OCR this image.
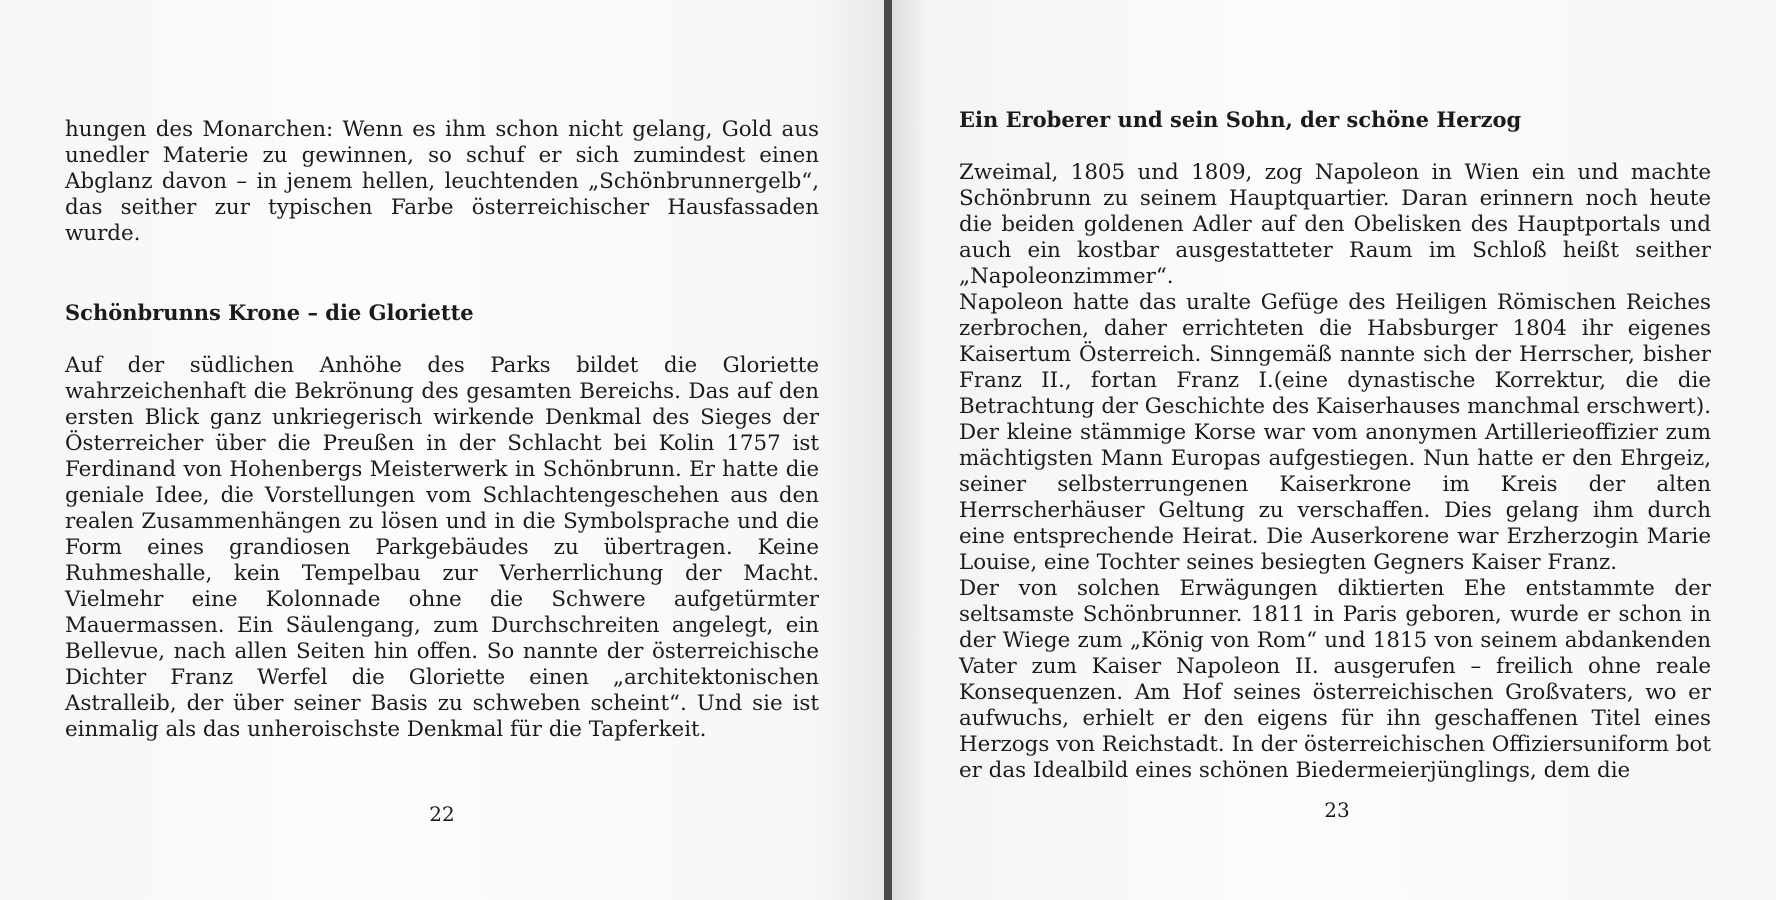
hungen des Monarchen: Wenn es ihm schon nicht gelang, Gold aus unedler Materie zu gewinnen, so schuf er sich zumindest einen Abglanz davon – in jenem hellen, leuchtenden „Schönbrunnergelb“, das seither zur typischen Farbe österreichischer Hausfassaden wurde.

Schönbrunns Krone – die Gloriette

Auf der südlichen Anhöhe des Parks bildet die Gloriette wahrzeichenhaft die Bekrönung des gesamten Bereichs. Das auf den ersten Blick ganz unkriegerisch wirkende Denkmal des Sieges der Österreicher über die Preußen in der Schlacht bei Kolin 1757 ist Ferdinand von Hohenbergs Meisterwerk in Schönbrunn. Er hatte die geniale Idee, die Vorstellungen vom Schlachtengeschehen aus den realen Zusammenhängen zu lösen und in die Symbolsprache und die Form eines grandiosen Parkgebäudes zu übertragen. Keine Ruhmeshalle, kein Tempelbau zur Verherrlichung der Macht. Vielmehr eine Kolonnade ohne die Schwere aufgetürmter Mauermassen. Ein Säulengang, zum Durchschreiten angelegt, ein Bellevue, nach allen Seiten hin offen. So nannte der österreichische Dichter Franz Werfel die Gloriette einen „architektonischen Astralleib, der über seiner Basis zu schweben scheint“. Und sie ist einmalig als das unheroischste Denkmal für die Tapferkeit.

22
Ein Eroberer und sein Sohn, der schöne Herzog

Zweimal, 1805 und 1809, zog Napoleon in Wien ein und machte Schönbrunn zu seinem Hauptquartier. Daran erinnern noch heute die beiden goldenen Adler auf den Obelisken des Hauptportals und auch ein kostbar ausgestatteter Raum im Schloß heißt seither „Napoleonzimmer“.

Napoleon hatte das uralte Gefüge des Heiligen Römischen Reiches zerbrochen, daher errichteten die Habsburger 1804 ihr eigenes Kaisertum Österreich. Sinngemäß nannte sich der Herrscher, bisher Franz II., fortan Franz I.(eine dynastische Korrektur, die die Betrachtung der Geschichte des Kaiserhauses manchmal erschwert). Der kleine stämmige Korse war vom anonymen Artillerieoffizier zum mächtigsten Mann Europas aufgestiegen. Nun hatte er den Ehrgeiz, seiner selbsterrungenen Kaiserkrone im Kreis der alten Herrscherhäuser Geltung zu verschaffen. Dies gelang ihm durch eine entsprechende Heirat. Die Auserkorene war Erzherzogin Marie Louise, eine Tochter seines besiegten Gegners Kaiser Franz.

Der von solchen Erwägungen diktierten Ehe entstammte der seltsamste Schönbrunner. 1811 in Paris geboren, wurde er schon in der Wiege zum „König von Rom“ und 1815 von seinem abdankenden Vater zum Kaiser Napoleon II. ausgerufen – freilich ohne reale Konsequenzen. Am Hof seines österreichischen Großvaters, wo er aufwuchs, erhielt er den eigens für ihn geschaffenen Titel eines Herzogs von Reichstadt. In der österreichischen Offiziersuniform bot er das Idealbild eines schönen Biedermeierjünglings, dem die

23
